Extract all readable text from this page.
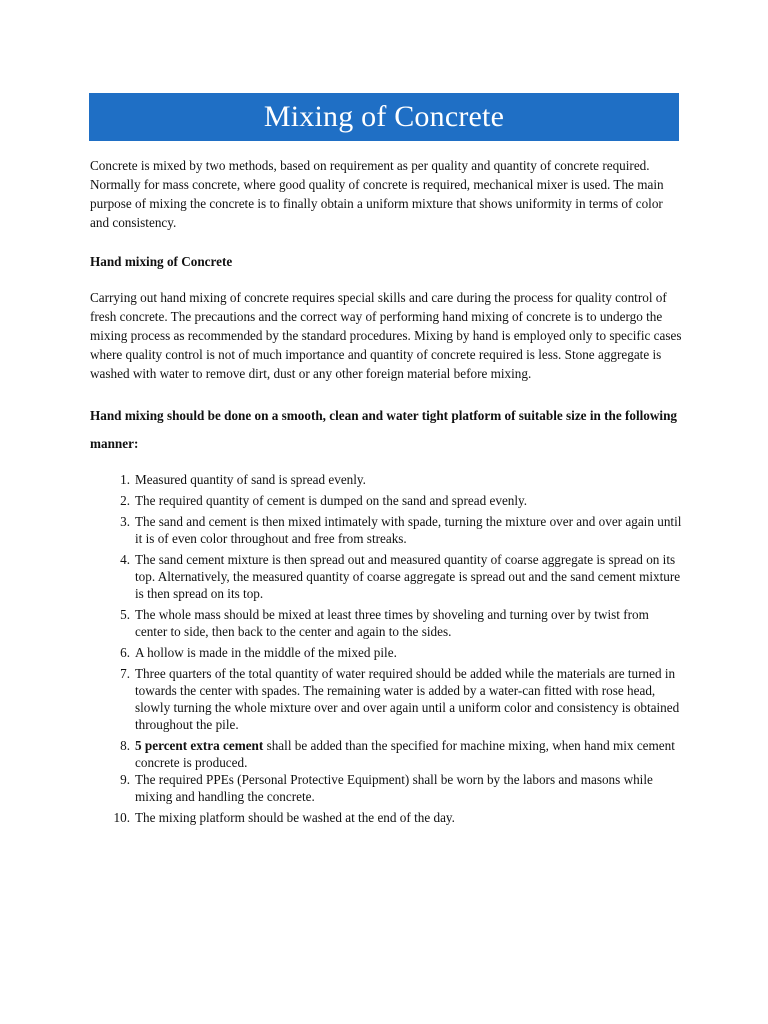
Mixing of Concrete

Concrete is mixed by two methods, based on requirement as per quality and quantity of concrete required. Normally for mass concrete, where good quality of concrete is required, mechanical mixer is used. The main purpose of mixing the concrete is to finally obtain a uniform mixture that shows uniformity in terms of color and consistency.

Hand mixing of Concrete

Carrying out hand mixing of concrete requires special skills and care during the process for quality control of fresh concrete. The precautions and the correct way of performing hand mixing of concrete is to undergo the mixing process as recommended by the standard procedures. Mixing by hand is employed only to specific cases where quality control is not of much importance and quantity of concrete required is less. Stone aggregate is washed with water to remove dirt, dust or any other foreign material before mixing.

Hand mixing should be done on a smooth, clean and water tight platform of suitable size in the following manner:

1. Measured quantity of sand is spread evenly.
2. The required quantity of cement is dumped on the sand and spread evenly.
3. The sand and cement is then mixed intimately with spade, turning the mixture over and over again until it is of even color throughout and free from streaks.
4. The sand cement mixture is then spread out and measured quantity of coarse aggregate is spread on its top. Alternatively, the measured quantity of coarse aggregate is spread out and the sand cement mixture is then spread on its top.
5. The whole mass should be mixed at least three times by shoveling and turning over by twist from center to side, then back to the center and again to the sides.
6. A hollow is made in the middle of the mixed pile.
7. Three quarters of the total quantity of water required should be added while the materials are turned in towards the center with spades. The remaining water is added by a water-can fitted with rose head, slowly turning the whole mixture over and over again until a uniform color and consistency is obtained throughout the pile.
8. 5 percent extra cement shall be added than the specified for machine mixing, when hand mix cement concrete is produced.
9. The required PPEs (Personal Protective Equipment) shall be worn by the labors and masons while mixing and handling the concrete.
10. The mixing platform should be washed at the end of the day.
